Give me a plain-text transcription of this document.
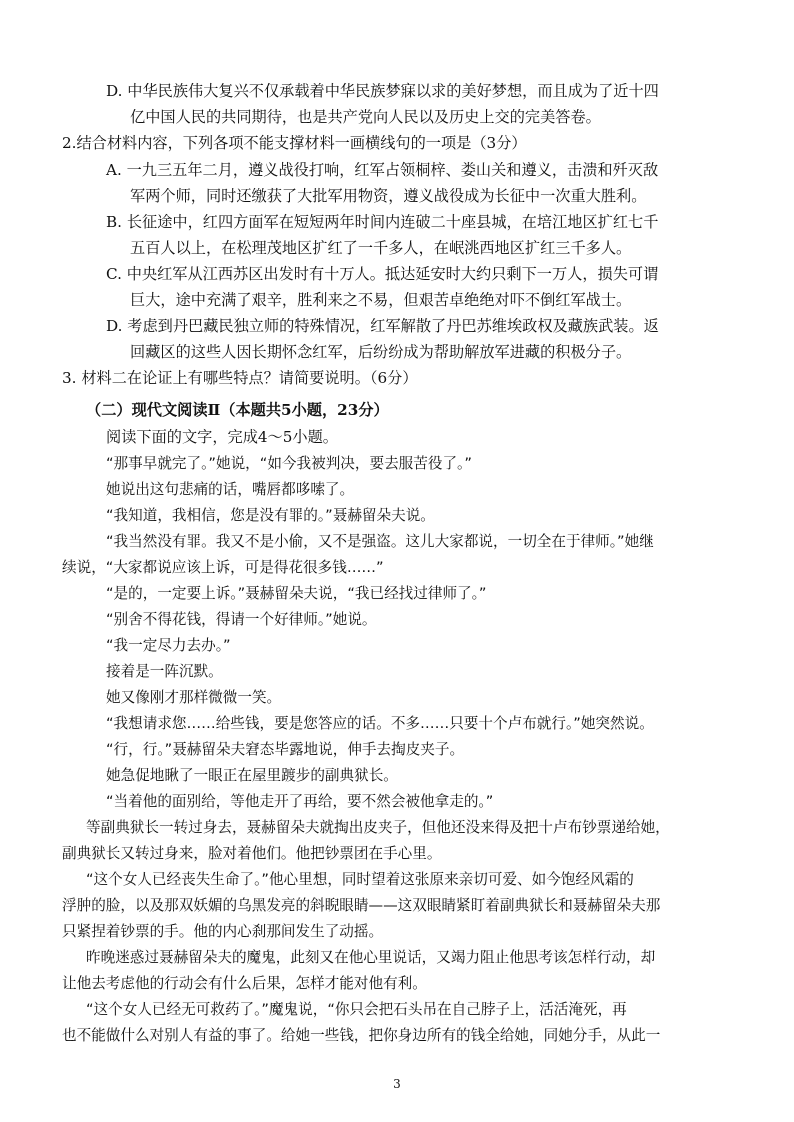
D. 中华民族伟大复兴不仅承载着中华民族梦寐以求的美好梦想，而且成为了近十四
亿中国人民的共同期待，也是共产党向人民以及历史上交的完美答卷。
2.结合材料内容，下列各项不能支撑材料一画横线句的一项是（3分）
A. 一九三五年二月，遵义战役打响，红军占领桐梓、娄山关和遵义，击溃和歼灭敌
军两个师，同时还缴获了大批军用物资，遵义战役成为长征中一次重大胜利。
B. 长征途中，红四方面军在短短两年时间内连破二十座县城，在培江地区扩红七千
五百人以上，在松理茂地区扩红了一千多人，在岷洮西地区扩红三千多人。
C. 中央红军从江西苏区出发时有十万人。抵达延安时大约只剩下一万人，损失可谓
巨大，途中充满了艰辛，胜利来之不易，但艰苦卓绝绝对吓不倒红军战士。
D. 考虑到丹巴藏民独立师的特殊情况，红军解散了丹巴苏维埃政权及藏族武装。返
回藏区的这些人因长期怀念红军，后纷纷成为帮助解放军进藏的积极分子。
3. 材料二在论证上有哪些特点？请简要说明。（6分）
（二）现代文阅读Ⅱ（本题共5小题，23分）
阅读下面的文字，完成4～5小题。
“那事早就完了。”她说，“如今我被判决，要去服苦役了。”
她说出这句悲痛的话，嘴唇都哆嗦了。
“我知道，我相信，您是没有罪的。”聂赫留朵夫说。
“我当然没有罪。我又不是小偷，又不是强盗。这儿大家都说，一切全在于律师。”她继
续说，“大家都说应该上诉，可是得花很多钱……”
“是的，一定要上诉。”聂赫留朵夫说，“我已经找过律师了。”
“别舍不得花钱，得请一个好律师。”她说。
“我一定尽力去办。”
接着是一阵沉默。
她又像刚才那样微微一笑。
“我想请求您……给些钱，要是您答应的话。不多……只要十个卢布就行。”她突然说。
“行，行。”聂赫留朵夫窘态毕露地说，伸手去掏皮夹子。
她急促地瞅了一眼正在屋里踱步的副典狱长。
“当着他的面别给，等他走开了再给，要不然会被他拿走的。”
等副典狱长一转过身去，聂赫留朵夫就掏出皮夹子，但他还没来得及把十卢布钞票递给她，
副典狱长又转过身来，脸对着他们。他把钞票团在手心里。
“这个女人已经丧失生命了。”他心里想，同时望着这张原来亲切可爱、如今饱经风霜的
浮肿的脸，以及那双妖媚的乌黑发亮的斜睨眼睛——这双眼睛紧盯着副典狱长和聂赫留朵夫那
只紧捏着钞票的手。他的内心刹那间发生了动摇。
昨晚迷惑过聂赫留朵夫的魔鬼，此刻又在他心里说话，又竭力阻止他思考该怎样行动，却
让他去考虑他的行动会有什么后果，怎样才能对他有利。
“这个女人已经无可救药了。”魔鬼说，“你只会把石头吊在自己脖子上，活活淹死，再
也不能做什么对别人有益的事了。给她一些钱，把你身边所有的钱全给她，同她分手，从此一
3
